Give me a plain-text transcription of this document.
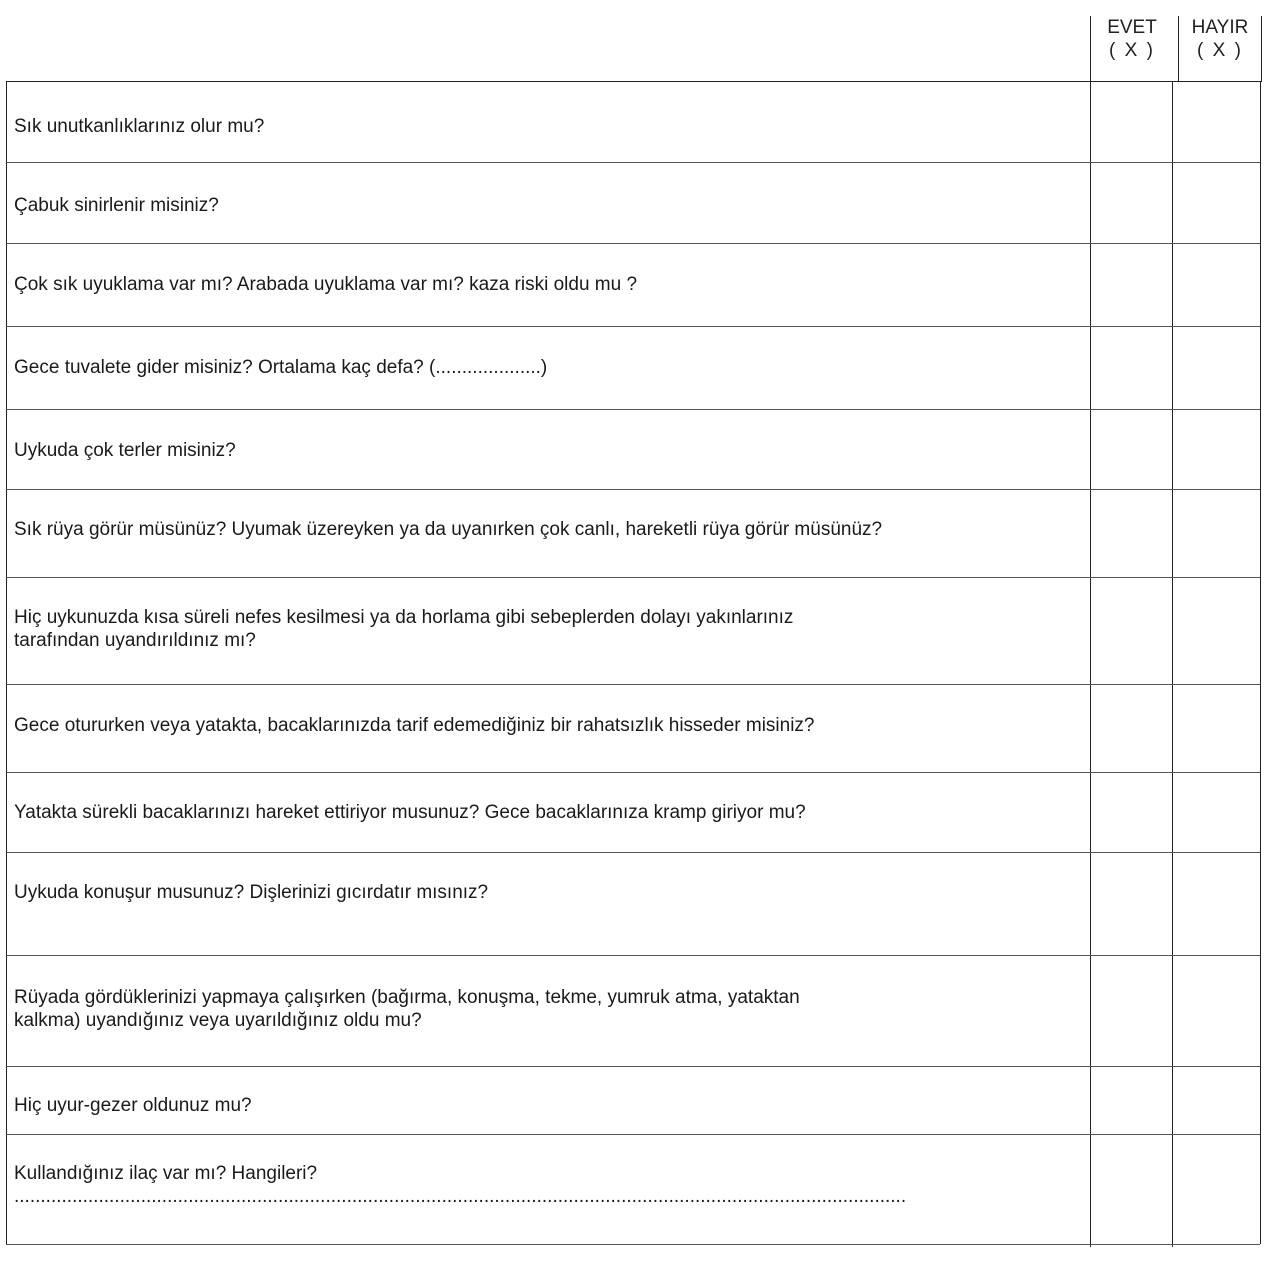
EVET
( X )
HAYIR
( X )
Sık unutkanlıklarınız olur mu?
Çabuk sinirlenir misiniz?
Çok sık uyuklama var mı? Arabada uyuklama var mı? kaza riski oldu mu ?
Gece tuvalete gider misiniz? Ortalama kaç defa? (....................)
Uykuda çok terler misiniz?
Sık rüya görür müsünüz? Uyumak üzereyken ya da uyanırken çok canlı, hareketli rüya görür müsünüz?
Hiç uykunuzda kısa süreli nefes kesilmesi ya da horlama gibi sebeplerden dolayı yakınlarınız
tarafından uyandırıldınız mı?
Gece otururken veya yatakta, bacaklarınızda tarif edemediğiniz bir rahatsızlık hisseder misiniz?
Yatakta sürekli bacaklarınızı hareket ettiriyor musunuz? Gece bacaklarınıza kramp giriyor mu?
Uykuda konuşur musunuz? Dişlerinizi gıcırdatır mısınız?
Rüyada gördüklerinizi yapmaya çalışırken (bağırma, konuşma, tekme, yumruk atma, yataktan
kalkma) uyandığınız veya uyarıldığınız oldu mu?
Hiç uyur-gezer oldunuz mu?
Kullandığınız ilaç var mı? Hangileri?
.........................................................................................................................................................................
